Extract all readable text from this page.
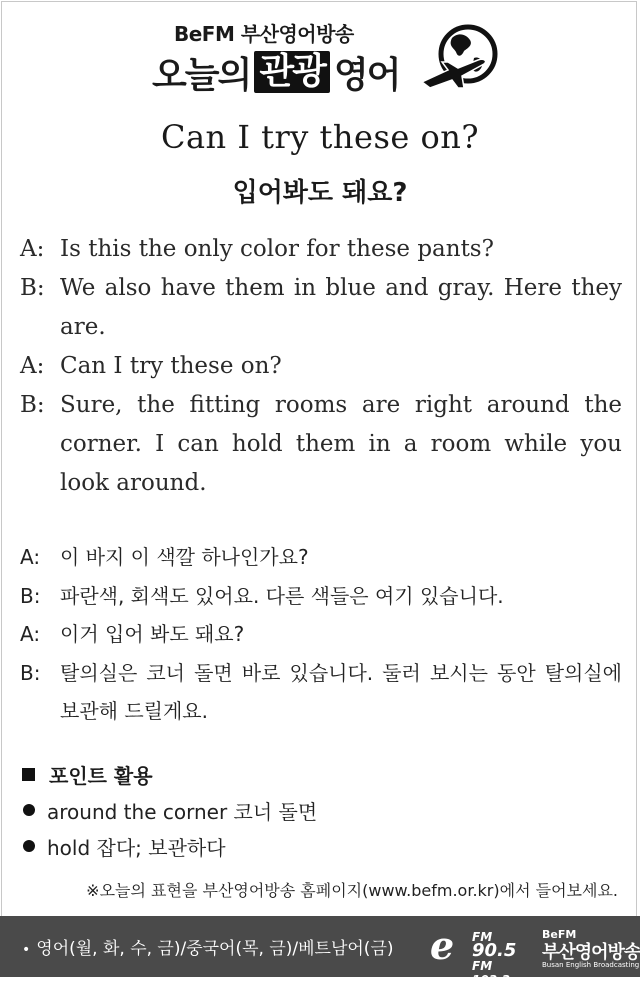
BeFM 부산영어방송
오늘의 관광 영어
Can I try these on?
입어봐도 돼요?
A: Is this the only color for these pants?
B: We also have them in blue and gray. Here they are.
A: Can I try these on?
B: Sure, the fitting rooms are right around the corner. I can hold them in a room while you look around.
A: 이 바지 이 색깔 하나인가요?
B: 파란색, 회색도 있어요. 다른 색들은 여기 있습니다.
A: 이거 입어 봐도 돼요?
B: 탈의실은 코너 돌면 바로 있습니다. 둘러 보시는 동안 탈의실에 보관해 드릴게요.
포인트 활용
around the corner 코너 돌면
hold 잡다; 보관하다
※오늘의 표현을 부산영어방송 홈페이지(www.befm.or.kr)에서 들어보세요.
• 영어(월, 화, 수, 금)/중국어(목, 금)/베트남어(금) e FM 90.5
FM 103.3
BeFM
부산영어방송
Busan English Broadcasting
